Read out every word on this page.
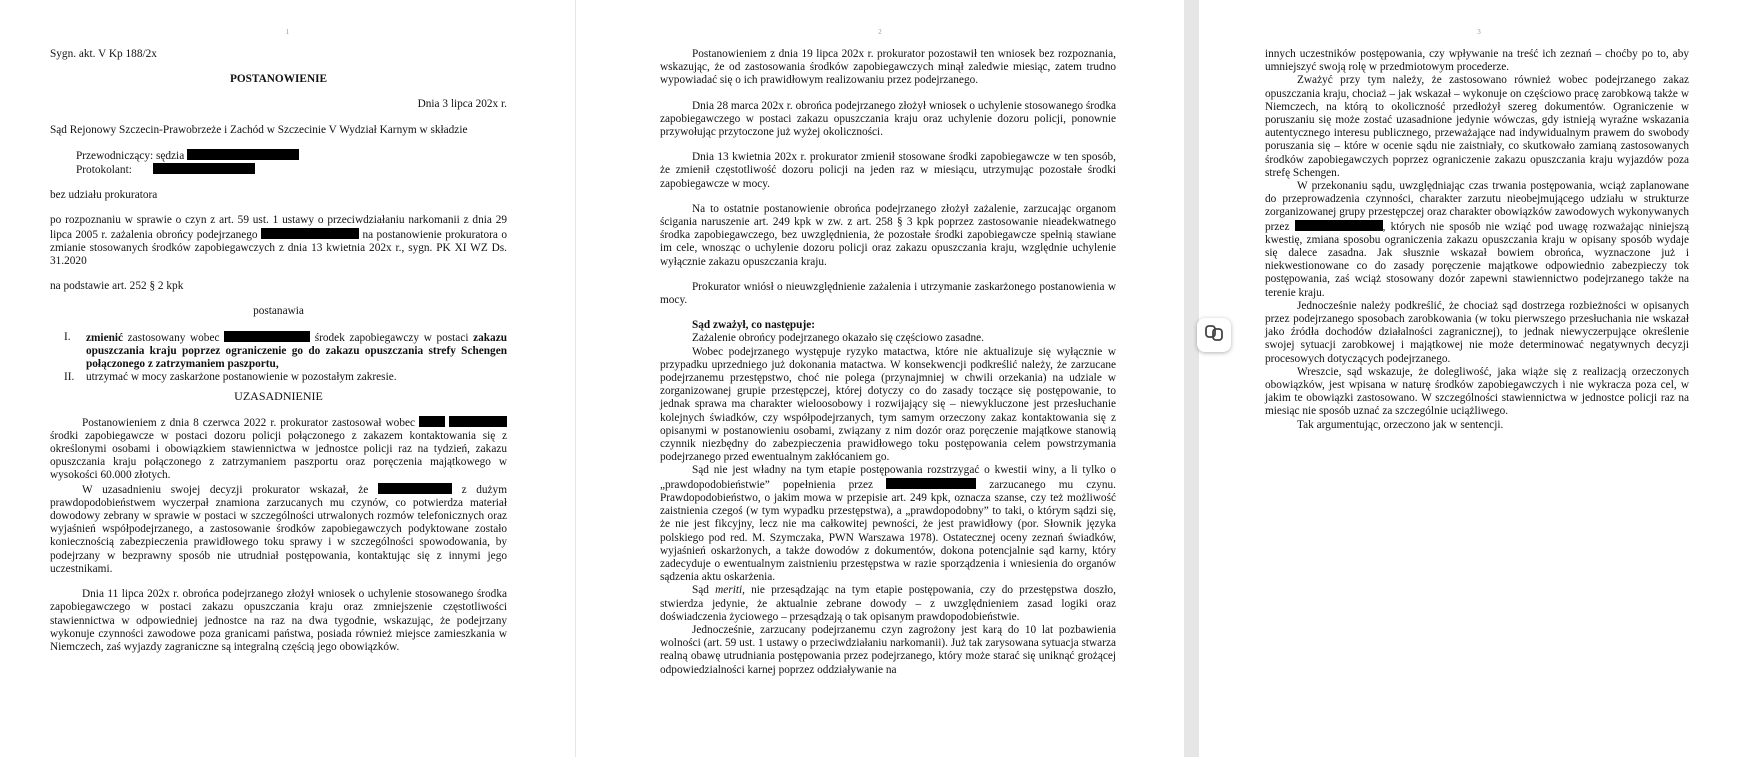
1

Sygn. akt. V Kp 188/2x

POSTANOWIENIE

Dnia 3 lipca 202x r.

Sąd Rejonowy Szczecin-Prawobrzeże i Zachód w Szczecinie V Wydział Karnym w składzie

Przewodniczący: sędzia

Protokolant:

bez udziału prokuratora

po rozpoznaniu w sprawie o czyn z art. 59 ust. 1 ustawy o przeciwdziałaniu narkomanii z dnia 29 lipca 2005 r. zażalenia obrońcy podejrzanego	na postanowienie prokuratora o zmianie stosowanych środków zapobiegawczych z dnia 13 kwietnia 202x r., sygn. PK XI WZ Ds. 31.2020

na podstawie art. 252 § 2 kpk

postanawia

I.	zmienić zastosowany wobec	środek zapobiegawczy w postaci zakazu opuszczania kraju poprzez ograniczenie go do zakazu opuszczania strefy Schengen połączonego z zatrzymaniem paszportu,
II.	utrzymać w mocy zaskarżone postanowienie w pozostałym zakresie.

UZASADNIENIE

Postanowieniem z dnia 8 czerwca 2022 r. prokurator zastosował wobec   środki zapobiegawcze w postaci dozoru policji połączonego z zakazem kontaktowania się z określonymi osobami i obowiązkiem stawiennictwa w jednostce policji raz na tydzień, zakazu opuszczania kraju połączonego z zatrzymaniem paszportu oraz poręczenia majątkowego w wysokości 60.000 złotych.

W uzasadnieniu swojej decyzji prokurator wskazał, że	z dużym prawdopodobieństwem wyczerpał znamiona zarzucanych mu czynów, co potwierdza materiał dowodowy zebrany w sprawie w postaci w szczególności utrwalonych rozmów telefonicznych oraz wyjaśnień współpodejrzanego, a zastosowanie środków zapobiegawczych podyktowane zostało koniecznością zabezpieczenia prawidłowego toku sprawy i w szczególności spowodowania, by podejrzany w bezprawny sposób nie utrudniał postępowania, kontaktując się z innymi jego uczestnikami.

Dnia 11 lipca 202x r. obrońca podejrzanego złożył wniosek o uchylenie stosowanego środka zapobiegawczego w postaci zakazu opuszczania kraju oraz zmniejszenie częstotliwości stawiennictwa w odpowiedniej jednostce na raz na dwa tygodnie, wskazując, że podejrzany wykonuje czynności zawodowe poza granicami państwa, posiada również miejsce zamieszkania w Niemczech, zaś wyjazdy zagraniczne są integralną częścią jego obowiązków.

2

Postanowieniem z dnia 19 lipca 202x r. prokurator pozostawił ten wniosek bez rozpoznania, wskazując, że od zastosowania środków zapobiegawczych minął zaledwie miesiąc, zatem trudno wypowiadać się o ich prawidłowym realizowaniu przez podejrzanego.

Dnia 28 marca 202x r. obrońca podejrzanego złożył wniosek o uchylenie stosowanego środka zapobiegawczego w postaci zakazu opuszczania kraju oraz uchylenie dozoru policji, ponownie przywołując przytoczone już wyżej okoliczności.

Dnia 13 kwietnia 202x r. prokurator zmienił stosowane środki zapobiegawcze w ten sposób, że zmienił częstotliwość dozoru policji na jeden raz w miesiącu, utrzymując pozostałe środki zapobiegawcze w mocy.

Na to ostatnie postanowienie obrońca podejrzanego złożył zażalenie, zarzucając organom ścigania naruszenie art. 249 kpk w zw. z art. 258 § 3 kpk poprzez zastosowanie nieadekwatnego środka zapobiegawczego, bez uwzględnienia, że pozostałe środki zapobiegawcze spełnią stawiane im cele, wnosząc o uchylenie dozoru policji oraz zakazu opuszczania kraju, względnie uchylenie wyłącznie zakazu opuszczania kraju.

Prokurator wniósł o nieuwzględnienie zażalenia i utrzymanie zaskarżonego postanowienia w mocy.

Sąd zważył, co następuje:

Zażalenie obrońcy podejrzanego okazało się częściowo zasadne.

Wobec podejrzanego występuje ryzyko matactwa, które nie aktualizuje się wyłącznie w przypadku uprzedniego już dokonania matactwa. W konsekwencji podkreślić należy, że zarzucane podejrzanemu przestępstwo, choć nie polega (przynajmniej w chwili orzekania) na udziale w zorganizowanej grupie przestępczej, której dotyczy co do zasady toczące się postępowanie, to jednak sprawa ma charakter wieloosobowy i rozwijający się – niewykluczone jest przesłuchanie kolejnych świadków, czy współpodejrzanych, tym samym orzeczony zakaz kontaktowania się z opisanymi w postanowieniu osobami, związany z nim dozór oraz poręczenie majątkowe stanowią czynnik niezbędny do zabezpieczenia prawidłowego toku postępowania celem powstrzymania podejrzanego przed ewentualnym zakłócaniem go.

Sąd nie jest władny na tym etapie postępowania rozstrzygać o kwestii winy, a li tylko o „prawdopodobieństwie” popełnienia przez	zarzucanego mu czynu. Prawdopodobieństwo, o jakim mowa w przepisie art. 249 kpk, oznacza szanse, czy też możliwość zaistnienia czegoś (w tym wypadku przestępstwa), a „prawdopodobny” to taki, o którym sądzi się, że nie jest fikcyjny, lecz nie ma całkowitej pewności, że jest prawidłowy (por. Słownik języka polskiego pod red. M. Szymczaka, PWN Warszawa 1978). Ostatecznej oceny zeznań świadków, wyjaśnień oskarżonych, a także dowodów z dokumentów, dokona potencjalnie sąd karny, który zadecyduje o ewentualnym zaistnieniu przestępstwa w razie sporządzenia i wniesienia do organów sądzenia aktu oskarżenia.

Sąd meriti, nie przesądzając na tym etapie postępowania, czy do przestępstwa doszło, stwierdza jedynie, że aktualnie zebrane dowody – z uwzględnieniem zasad logiki oraz doświadczenia życiowego – przesądzają o tak opisanym prawdopodobieństwie.

Jednocześnie, zarzucany podejrzanemu czyn zagrożony jest karą do 10 lat pozbawienia wolności (art. 59 ust. 1 ustawy o przeciwdziałaniu narkomanii). Już tak zarysowana sytuacja stwarza realną obawę utrudniania postępowania przez podejrzanego, który może starać się uniknąć grożącej odpowiedzialności karnej poprzez oddziaływanie na

3

innych uczestników postępowania, czy wpływanie na treść ich zeznań – choćby po to, aby umniejszyć swoją rolę w przedmiotowym procederze.

Zważyć przy tym należy, że zastosowano również wobec podejrzanego zakaz opuszczania kraju, chociaż – jak wskazał – wykonuje on częściowo pracę zarobkową także w Niemczech, na którą to okoliczność przedłożył szereg dokumentów. Ograniczenie w poruszaniu się może zostać uzasadnione jedynie wówczas, gdy istnieją wyraźne wskazania autentycznego interesu publicznego, przeważające nad indywidualnym prawem do swobody poruszania się – które w ocenie sądu nie zaistniały, co skutkowało zamianą zastosowanych środków zapobiegawczych poprzez ograniczenie zakazu opuszczania kraju wyjazdów poza strefę Schengen.

W przekonaniu sądu, uwzględniając czas trwania postępowania, wciąż zaplanowane do przeprowadzenia czynności, charakter zarzutu nieobejmującego udziału w strukturze zorganizowanej grupy przestępczej oraz charakter obowiązków zawodowych wykonywanych przez	, których nie sposób nie wziąć pod uwagę rozważając niniejszą kwestię, zmiana sposobu ograniczenia zakazu opuszczania kraju w opisany sposób wydaje się dalece zasadna. Jak słusznie wskazał bowiem obrońca, wyznaczone już i niekwestionowane co do zasady poręczenie majątkowe odpowiednio zabezpieczy tok postępowania, zaś wciąż stosowany dozór zapewni stawiennictwo podejrzanego także na terenie kraju.

Jednocześnie należy podkreślić, że chociaż sąd dostrzega rozbieżności w opisanych przez podejrzanego sposobach zarobkowania (w toku pierwszego przesłuchania nie wskazał jako źródła dochodów działalności zagranicznej), to jednak niewyczerpujące określenie swojej sytuacji zarobkowej i majątkowej nie może determinować negatywnych decyzji procesowych dotyczących podejrzanego.

Wreszcie, sąd wskazuje, że dolegliwość, jaka wiąże się z realizacją orzeczonych obowiązków, jest wpisana w naturę środków zapobiegawczych i nie wykracza poza cel, w jakim te obowiązki zastosowano. W szczególności stawiennictwa w jednostce policji raz na miesiąc nie sposób uznać za szczególnie uciążliwego.

Tak argumentując, orzeczono jak w sentencji.
